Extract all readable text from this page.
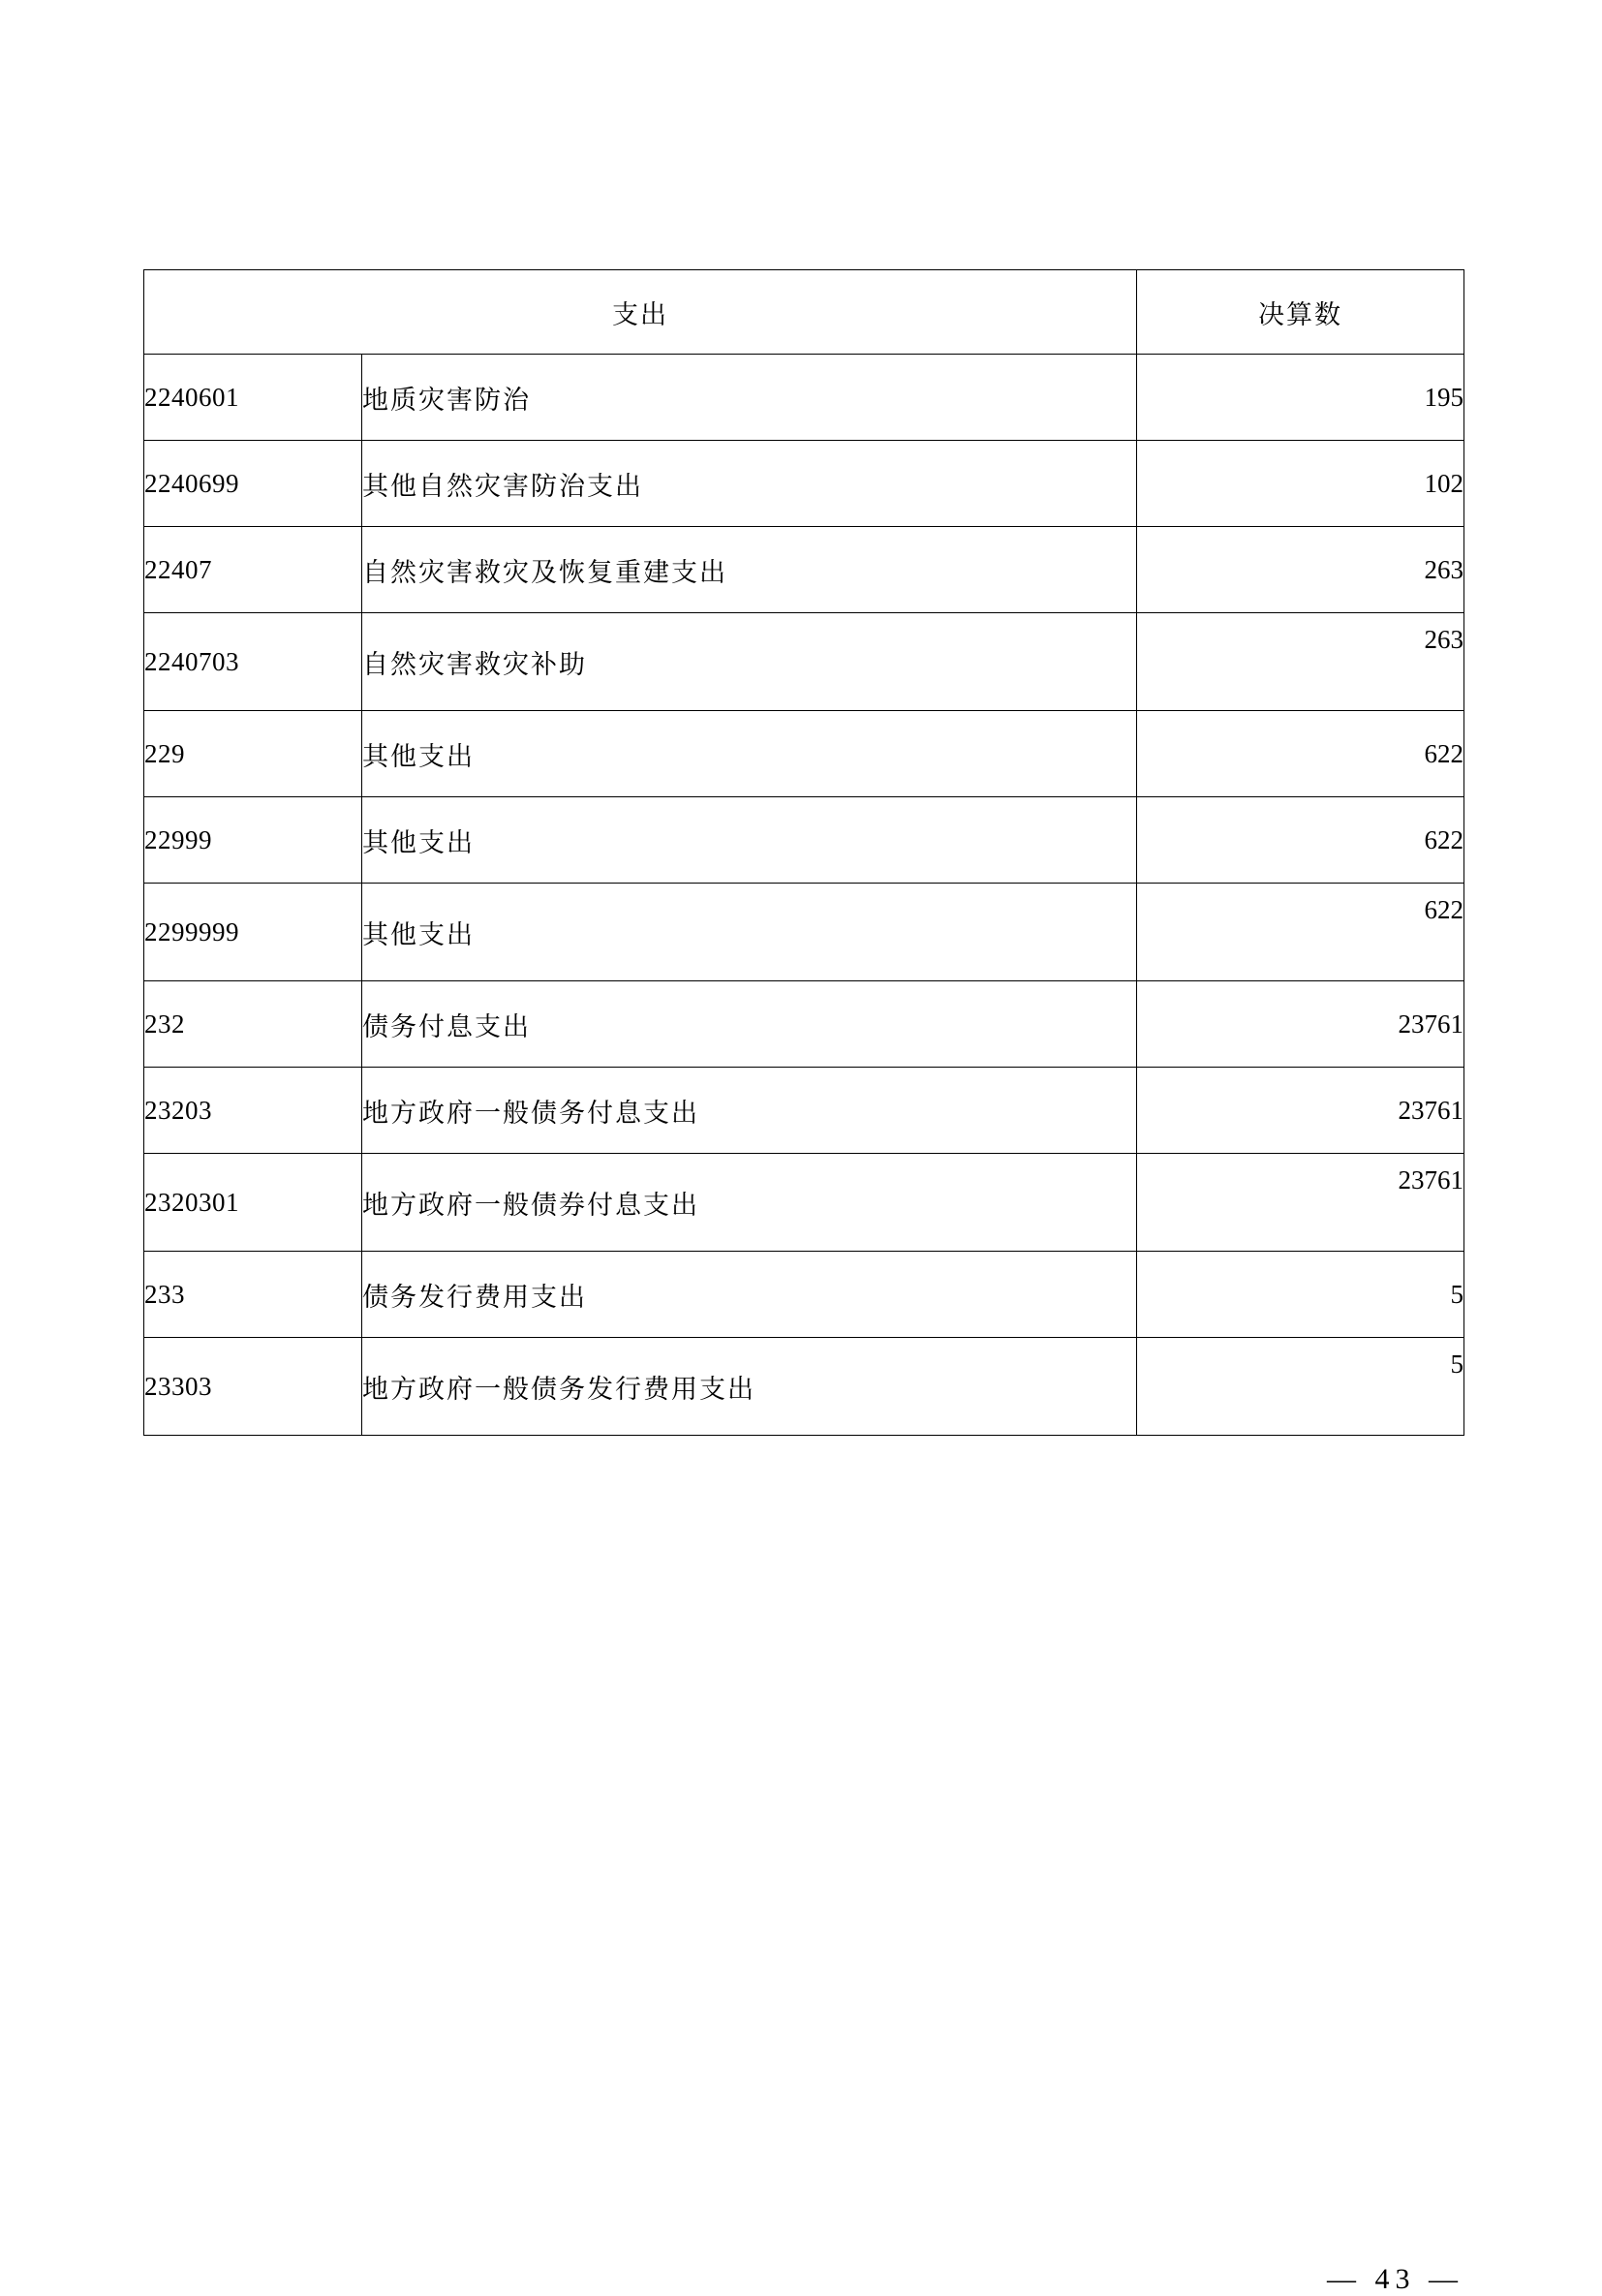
支出		决算数

2240601	地质灾害防治	195
2240699	其他自然灾害防治支出	102
22407	自然灾害救灾及恢复重建支出	263
2240703	自然灾害救灾补助	263
229	其他支出	622
22999	其他支出	622
2299999	其他支出	622
232	债务付息支出	23761
23203	地方政府一般债务付息支出	23761
2320301	地方政府一般债券付息支出	23761
233	债务发行费用支出	5
23303	地方政府一般债务发行费用支出	5
— 43 —
